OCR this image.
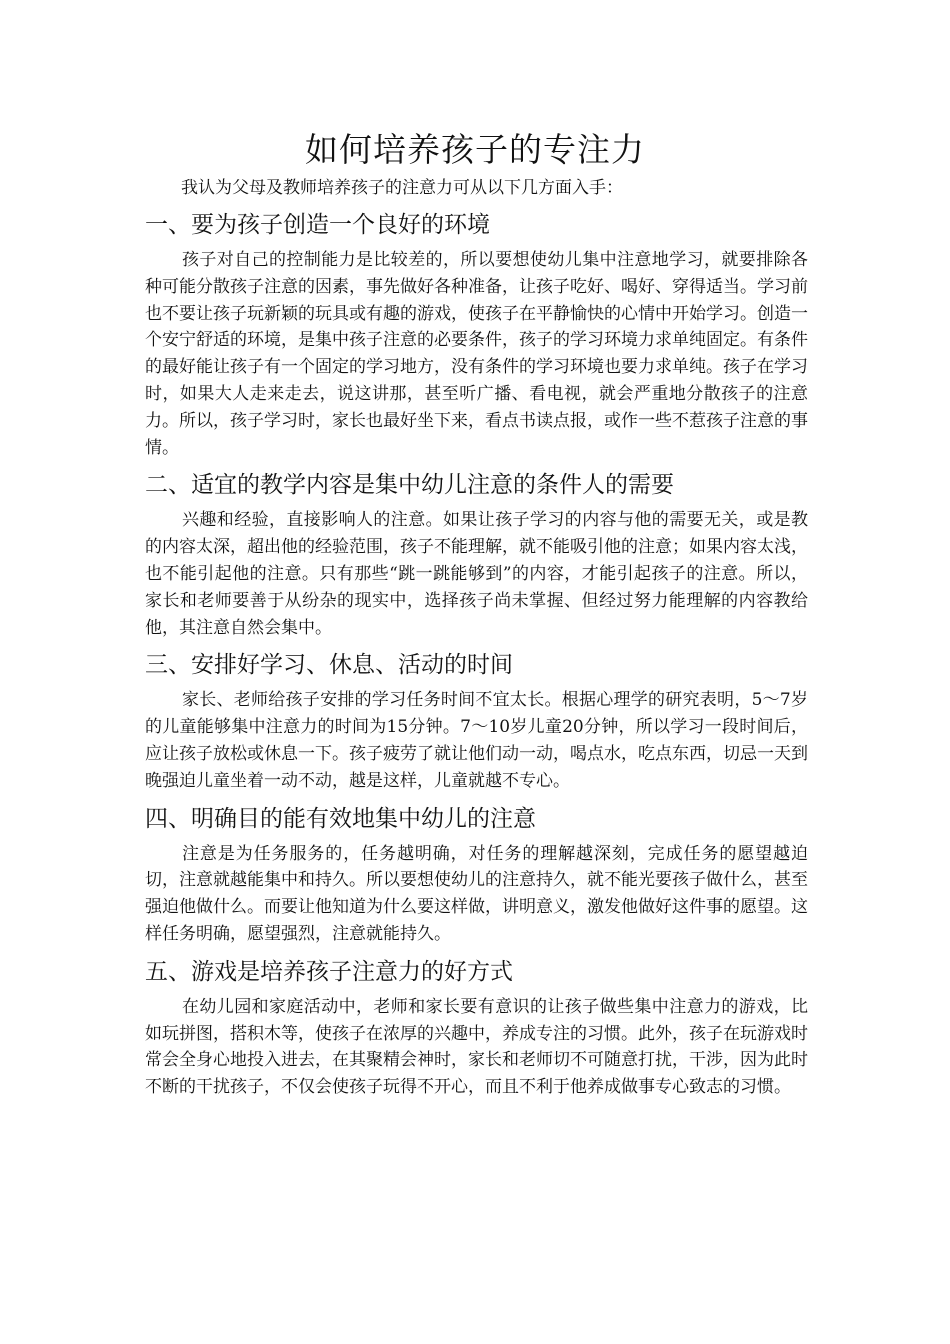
如何培养孩子的专注力

我认为父母及教师培养孩子的注意力可从以下几方面入手：

一、要为孩子创造一个良好的环境

孩子对自己的控制能力是比较差的，所以要想使幼儿集中注意地学习，就要排除各种可能分散孩子注意的因素，事先做好各种准备，让孩子吃好、喝好、穿得适当。学习前也不要让孩子玩新颖的玩具或有趣的游戏，使孩子在平静愉快的心情中开始学习。创造一个安宁舒适的环境，是集中孩子注意的必要条件，孩子的学习环境力求单纯固定。有条件的最好能让孩子有一个固定的学习地方，没有条件的学习环境也要力求单纯。孩子在学习时，如果大人走来走去，说这讲那，甚至听广播、看电视，就会严重地分散孩子的注意力。所以，孩子学习时，家长也最好坐下来，看点书读点报，或作一些不惹孩子注意的事情。

二、适宜的教学内容是集中幼儿注意的条件人的需要

兴趣和经验，直接影响人的注意。如果让孩子学习的内容与他的需要无关，或是教的内容太深，超出他的经验范围，孩子不能理解，就不能吸引他的注意；如果内容太浅，也不能引起他的注意。只有那些“跳一跳能够到”的内容，才能引起孩子的注意。所以，家长和老师要善于从纷杂的现实中，选择孩子尚未掌握、但经过努力能理解的内容教给他，其注意自然会集中。

三、安排好学习、休息、活动的时间

家长、老师给孩子安排的学习任务时间不宜太长。根据心理学的研究表明，5～7岁的儿童能够集中注意力的时间为15分钟。7～10岁儿童20分钟，所以学习一段时间后，应让孩子放松或休息一下。孩子疲劳了就让他们动一动，喝点水，吃点东西，切忌一天到晚强迫儿童坐着一动不动，越是这样，儿童就越不专心。

四、明确目的能有效地集中幼儿的注意

注意是为任务服务的，任务越明确，对任务的理解越深刻，完成任务的愿望越迫切，注意就越能集中和持久。所以要想使幼儿的注意持久，就不能光要孩子做什么，甚至强迫他做什么。而要让他知道为什么要这样做，讲明意义，激发他做好这件事的愿望。这样任务明确，愿望强烈，注意就能持久。

五、游戏是培养孩子注意力的好方式

在幼儿园和家庭活动中，老师和家长要有意识的让孩子做些集中注意力的游戏，比如玩拼图，搭积木等，使孩子在浓厚的兴趣中，养成专注的习惯。此外，孩子在玩游戏时常会全身心地投入进去，在其聚精会神时，家长和老师切不可随意打扰，干涉，因为此时不断的干扰孩子，不仅会使孩子玩得不开心，而且不利于他养成做事专心致志的习惯。
